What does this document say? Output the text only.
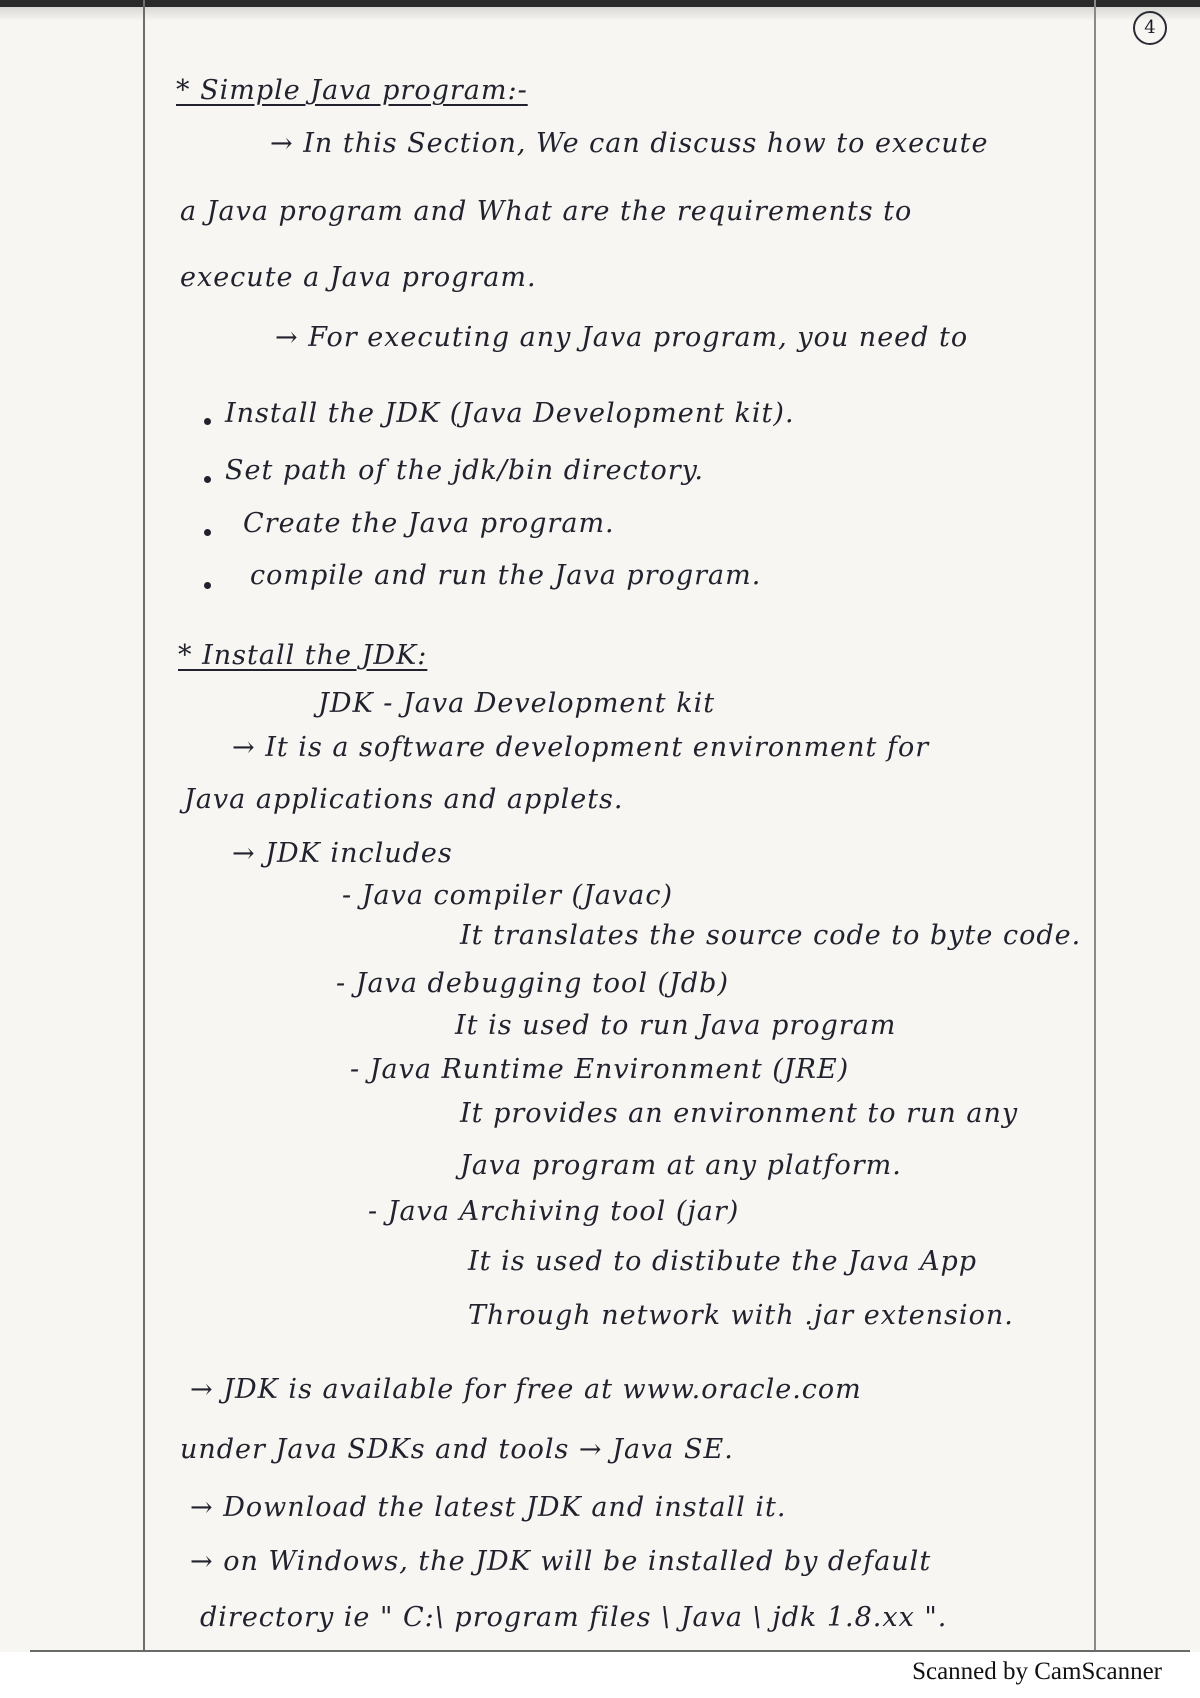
4
* Simple Java program:-
→ In this Section, We can discuss how to execute
a Java program and What are the requirements to
execute a Java program.
→ For executing any Java program, you need to
Install the JDK (Java Development kit).
Set path of the jdk/bin directory.
Create the Java program.
compile and run the Java program.
* Install the JDK:
JDK - Java Development kit
→ It is a software development environment for
Java applications and applets.
→ JDK includes
- Java compiler (Javac)
It translates the source code to byte code.
- Java debugging tool (Jdb)
It is used to run Java program
- Java Runtime Environment (JRE)
It provides an environment to run any
Java program at any platform.
- Java Archiving tool (jar)
It is used to distibute the Java App
Through network with .jar extension.
→ JDK is available for free at www.oracle.com
under Java SDKs and tools → Java SE.
→ Download the latest JDK and install it.
→ on Windows, the JDK will be installed by default
directory ie " C:\ program files \ Java \ jdk 1.8.xx ".
Scanned by CamScanner
